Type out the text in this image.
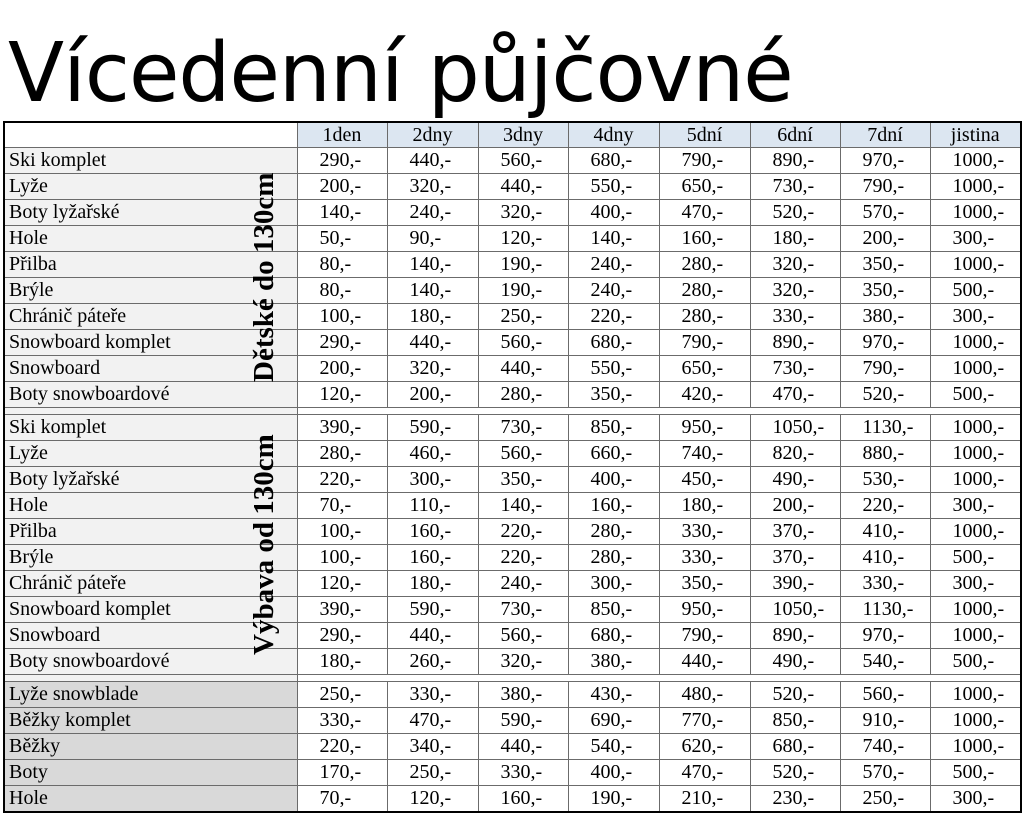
Vícedenní půjčovné
	1den	2dny	3dny	4dny	5dní	6dní	7dní	jistina
Ski komplet	290,-	440,-	560,-	680,-	790,-	890,-	970,-	1000,-
Lyže	200,-	320,-	440,-	550,-	650,-	730,-	790,-	1000,-
Boty lyžařské	140,-	240,-	320,-	400,-	470,-	520,-	570,-	1000,-
Hole	50,-	90,-	120,-	140,-	160,-	180,-	200,-	300,-
Přilba	80,-	140,-	190,-	240,-	280,-	320,-	350,-	1000,-
Brýle	80,-	140,-	190,-	240,-	280,-	320,-	350,-	500,-
Chránič páteře	100,-	180,-	250,-	220,-	280,-	330,-	380,-	300,-
Snowboard komplet	290,-	440,-	560,-	680,-	790,-	890,-	970,-	1000,-
Snowboard	200,-	320,-	440,-	550,-	650,-	730,-	790,-	1000,-
Boty snowboardové	120,-	200,-	280,-	350,-	420,-	470,-	520,-	500,-

Ski komplet	390,-	590,-	730,-	850,-	950,-	1050,-	1130,-	1000,-
Lyže	280,-	460,-	560,-	660,-	740,-	820,-	880,-	1000,-
Boty lyžařské	220,-	300,-	350,-	400,-	450,-	490,-	530,-	1000,-
Hole	70,-	110,-	140,-	160,-	180,-	200,-	220,-	300,-
Přilba	100,-	160,-	220,-	280,-	330,-	370,-	410,-	1000,-
Brýle	100,-	160,-	220,-	280,-	330,-	370,-	410,-	500,-
Chránič páteře	120,-	180,-	240,-	300,-	350,-	390,-	330,-	300,-
Snowboard komplet	390,-	590,-	730,-	850,-	950,-	1050,-	1130,-	1000,-
Snowboard	290,-	440,-	560,-	680,-	790,-	890,-	970,-	1000,-
Boty snowboardové	180,-	260,-	320,-	380,-	440,-	490,-	540,-	500,-

Lyže snowblade	250,-	330,-	380,-	430,-	480,-	520,-	560,-	1000,-
Běžky komplet	330,-	470,-	590,-	690,-	770,-	850,-	910,-	1000,-
Běžky	220,-	340,-	440,-	540,-	620,-	680,-	740,-	1000,-
Boty	170,-	250,-	330,-	400,-	470,-	520,-	570,-	500,-
Hole	70,-	120,-	160,-	190,-	210,-	230,-	250,-	300,-
Dětské do 130cm
Výbava od 130cm
